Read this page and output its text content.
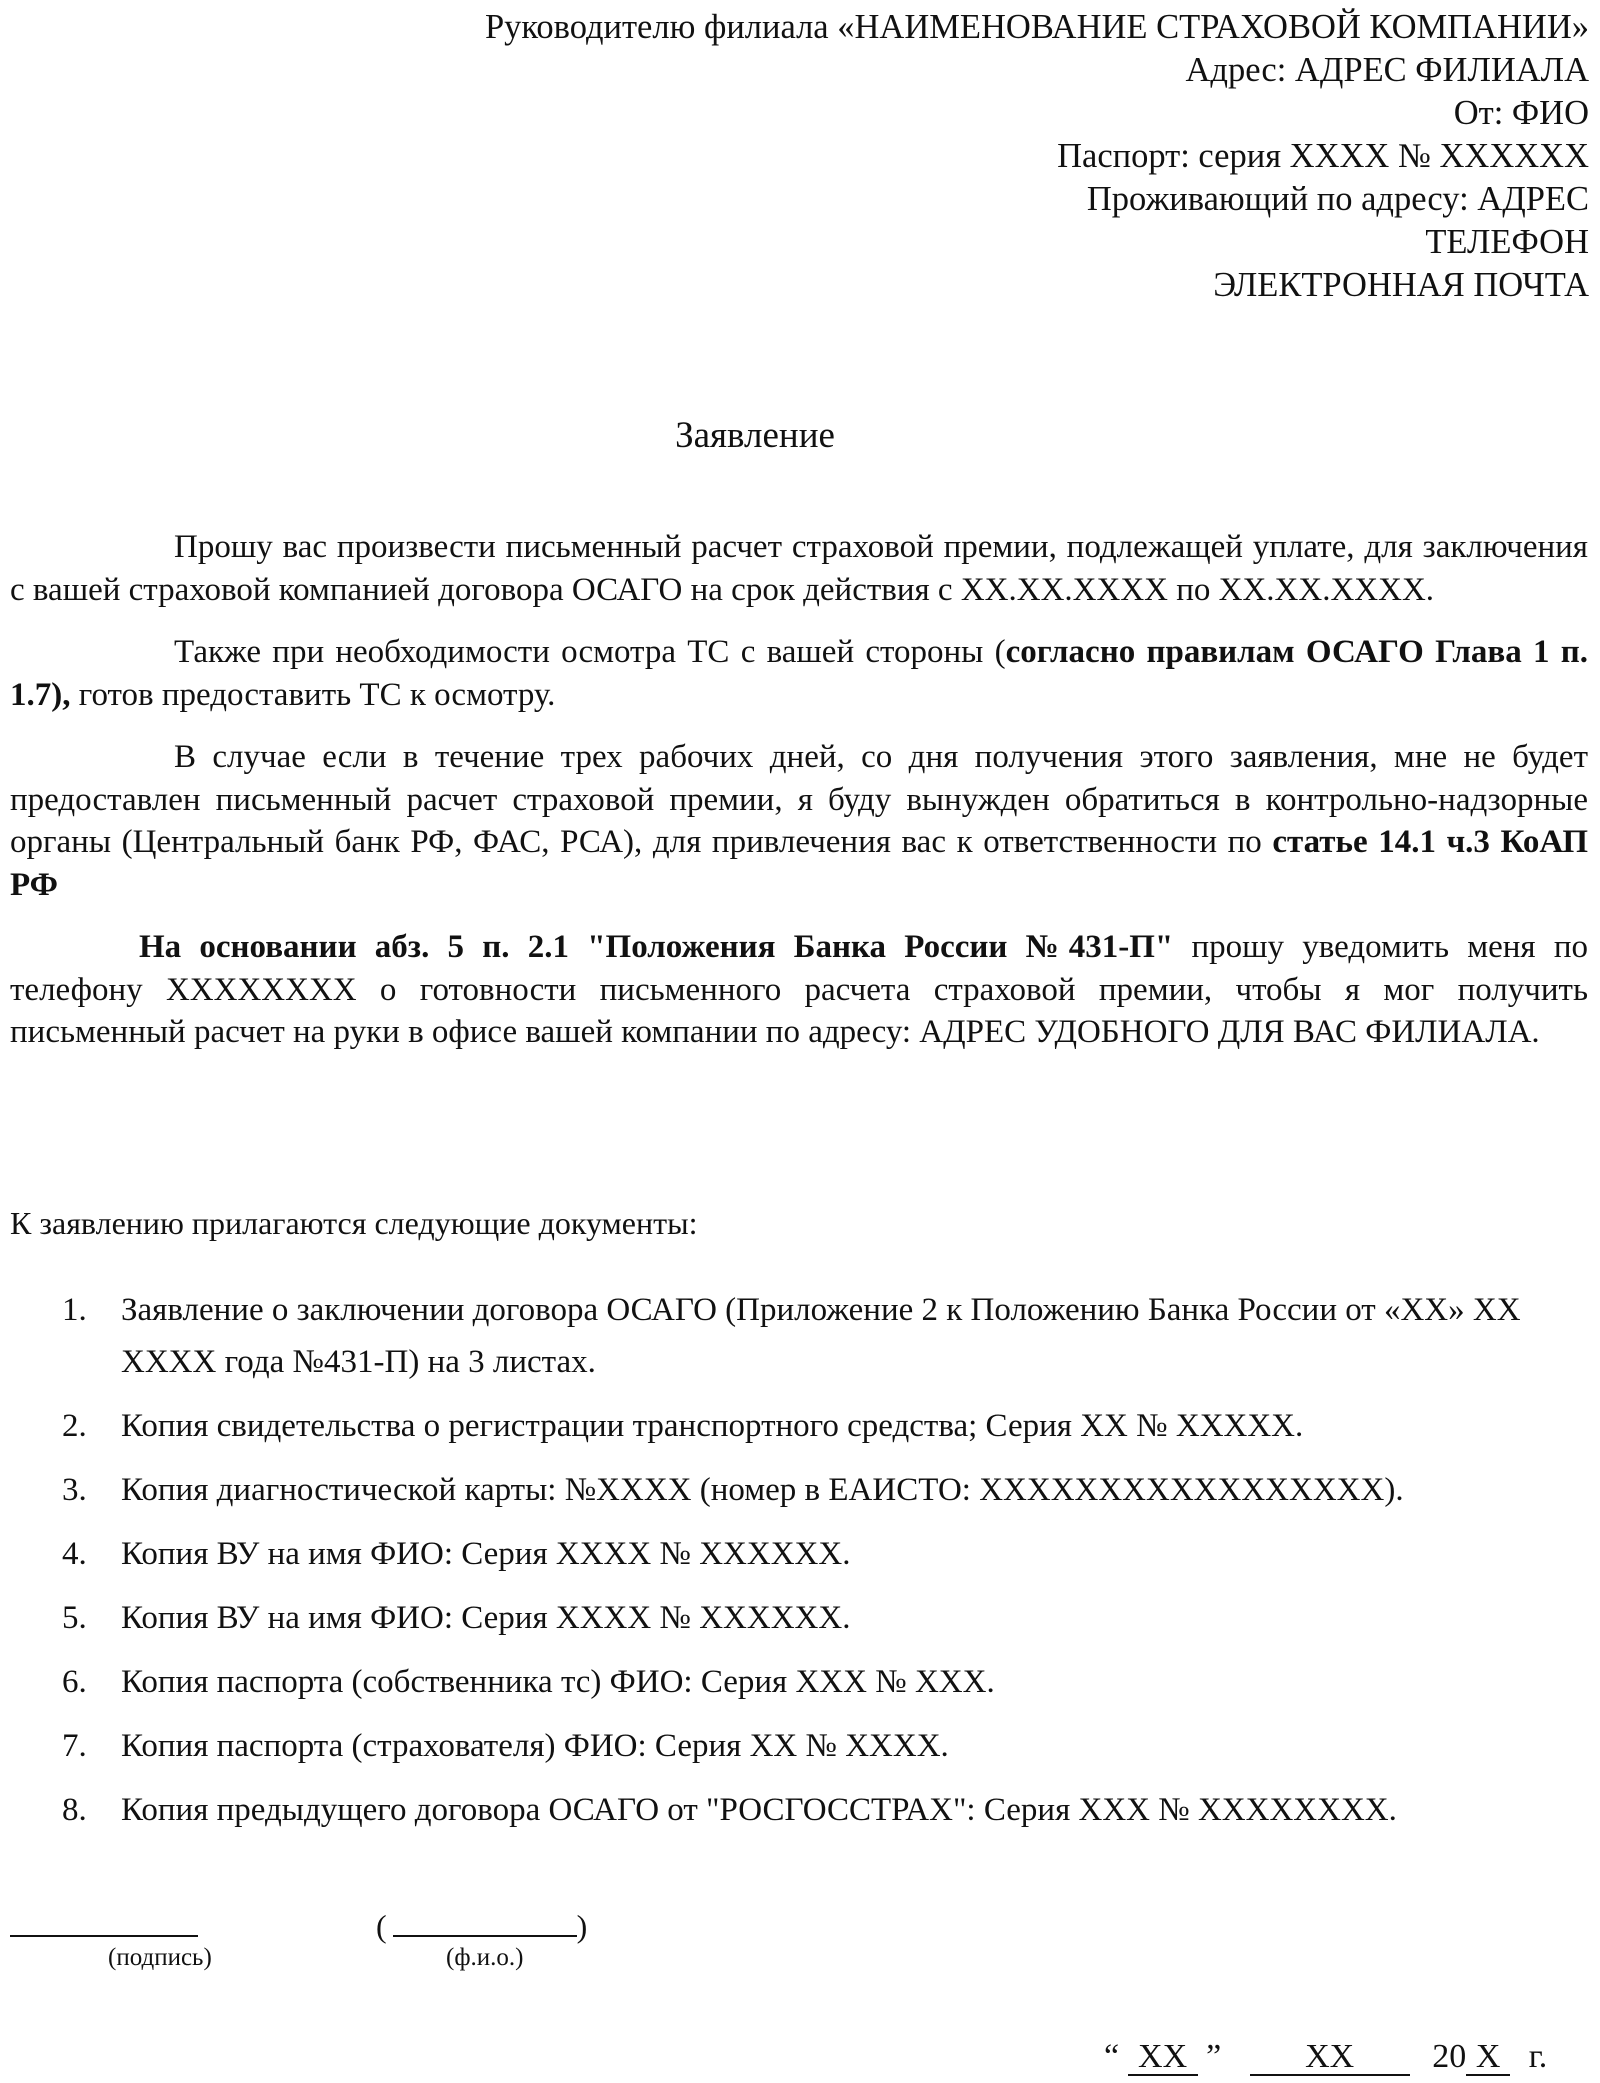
Руководителю филиала «НАИМЕНОВАНИЕ СТРАХОВОЙ КОМПАНИИ»
Адрес: АДРЕС ФИЛИАЛА
От: ФИО
Паспорт: серия XXXX № XXXXXX
Проживающий по адресу: АДРЕС
ТЕЛЕФОН
ЭЛЕКТРОННАЯ ПОЧТА
Заявление

Прошу вас произвести письменный расчет страховой премии, подлежащей уплате, для заключения с вашей страховой компанией договора ОСАГО на срок действия с XX.XX.XXXX по XX.XX.XXXX.

Также при необходимости осмотра ТС с вашей стороны (согласно правилам ОСАГО Глава 1 п. 1.7), готов предоставить ТС к осмотру.

В случае если в течение трех рабочих дней, со дня получения этого заявления, мне не будет предоставлен письменный расчет страховой премии, я буду вынужден обратиться в контрольно-надзорные органы (Центральный банк РФ, ФАС, РСА), для привлечения вас к ответственности по статье 14.1 ч.3 КоАП РФ

На основании абз. 5 п. 2.1 "Положения Банка России №431-П" прошу уведомить меня по телефону XXXXXXXX о готовности письменного расчета страховой премии, чтобы я мог получить письменный расчет на руки в офисе вашей компании по адресу: АДРЕС УДОБНОГО ДЛЯ ВАС ФИЛИАЛА.

К заявлению прилагаются следующие документы:
1. Заявление о заключении договора ОСАГО (Приложение 2 к Положению Банка России от «ХХ» ХХ ХХХХ года №431-П) на 3 листах.
2. Копия свидетельства о регистрации транспортного средства; Серия XX № XXXXX.
3. Копия диагностической карты: №XXXX (номер в ЕАИСТО: XXXXXXXXXXXXXXXXX).
4. Копия ВУ на имя ФИО: Серия XXXX № XXXXXX.
5. Копия ВУ на имя ФИО: Серия XXXX № XXXXXX.
6. Копия паспорта (собственника тс) ФИО: Серия XXX № XXX.
7. Копия паспорта (страхователя) ФИО: Серия XX № XXXX.
8. Копия предыдущего договора ОСАГО от "РОСГОССТРАХ": Серия XXX № XXXXXXXX.
(	)
(подпись)	(ф.и.о.)
“ XX ” XX 20 X г.
